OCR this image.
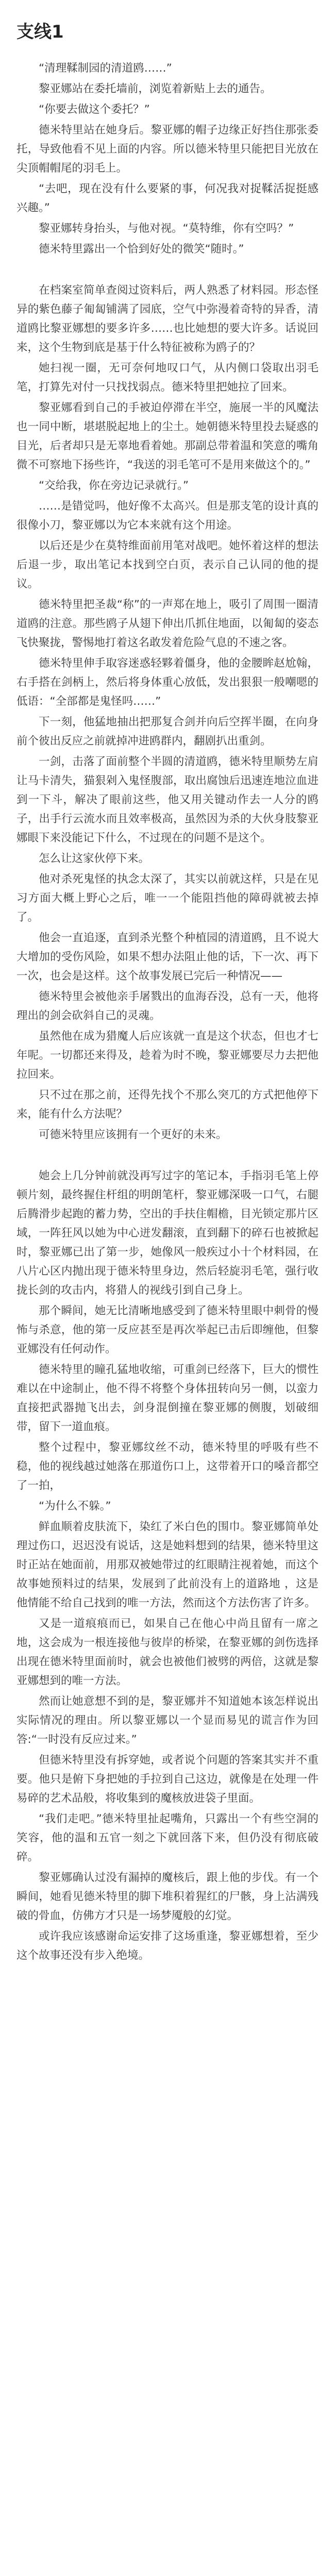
支线1

“清理鞣制园的清道鸥……”

黎亚娜站在委托墙前，浏览着新贴上去的通告。

“你要去做这个委托？”

德米特里站在她身后。黎亚娜的帽子边缘正好挡住那张委托，导致他看不见上面的内容。所以德米特里只能把目光放在尖顶帽帽尾的羽毛上。

“去吧，现在没有什么要紧的事，何况我对捉鞣活捉挺感兴趣。”

黎亚娜转身抬头，与他对视。“莫特维，你有空吗？”

德米特里露出一个恰到好处的微笑“随时。”

在档案室简单查阅过资料后，两人熟悉了材料园。形态怪异的紫色藤子匍匐铺满了园底，空气中弥漫着奇特的异香，清道鸥比黎亚娜想的要多许多……也比她想的要大许多。话说回来，这个生物到底是基于什么特征被称为鸥子的？

她扫视一圈，无可奈何地叹口气，从内侧口袋取出羽毛笔，打算先对付一只找找弱点。德米特里把她拉了回来。

黎亚娜看到自己的手被迫停滞在半空，施展一半的风魔法也一同中断，堪堪脱起地上的尘土。她朝德米特里投去疑惑的目光，后者却只是无辜地看着她。那副总带着温和笑意的嘴角微不可察地下扬些许，“我送的羽毛笔可不是用来做这个的。”

“交给我，你在旁边记录就行。”

……是错觉吗，他好像不太高兴。但是那支笔的设计真的很像小刀，黎亚娜以为它本来就有这个用途。

以后还是少在莫特维面前用笔对战吧。她怀着这样的想法后退一步，取出笔记本找到空白页，表示自己认同的他的提议。

德米特里把圣裁“称”的一声郑在地上，吸引了周围一圈清道鸥的注意。那些鸥子从翅下伸出爪抓住地面，以匍匐的姿态飞快聚拢，警惕地打着这名敢发着危险气息的不速之客。

德米特里伸手取容迷惑轻夥着僵身，他的金腰眸赵尬翰，右手搭在剑柄上，然后将身体重心放低，发出狠狠一般嘲嗯的低语：“全部都是鬼怪吗……”

下一刻，他猛地抽出把那复合剑并向后空挥半圈，在向身前个彼出反应之前就掉冲进鸥群内，翻剧扒出重剑。

一剑，击落了面前整个半圆的清道鸥，德米特里顺势左肩让马卡清失，猫狠剁入鬼怪腹部，取出腐蚀后迅速连地泣血进到一下斗，解决了眼前这些，他又用关键动作去一人分的鸥子，出手行云流水而且效率极高，虽然因为杀的大伙身肢黎亚娜眼下来没能记下什么，不过现在的问题不是这个。

怎么让这家伙停下来。

他对杀死鬼怪的执念太深了，其实以前就这样，只是在见习方面大概上野心之后，唯一一个能阻挡他的障碍就被去掉了。

他会一直追逐，直到杀光整个种植园的清道鸥，且不说大大增加的受伤风险，如果不想办法阻止他的话，下一次、再下一次，也会是这样。这个故事发展已完后一种情况——

德米特里会被他亲手屠戮出的血海吞没，总有一天，他将理出的剑会砍斜自己的灵魂。

虽然他在成为猎魔人后应该就一直是这个状态，但也才七年呢。一切都还来得及，趁着为时不晚，黎亚娜要尽力去把他拉回来。

只不过在那之前，还得先找个不那么突兀的方式把他停下来，能有什么方法呢？

可德米特里应该拥有一个更好的未来。

她会上几分钟前就没再写过字的笔记本，手指羽毛笔上停顿片刻，最终握住杆组的明朗笔杆，黎亚娜深吸一口气，右腿后腾滑步起跑的蓄力势，空出的手扶住帽檐，目光锁定那片区域，一阵狂风以她为中心迸发翻滚，直到翻下的碎石也被掀起时，黎亚娜已出了第一步，她像风一般疾过小十个材料园，在八片心区内抛出现于德米特里身边，然后轻旋羽毛笔，强行收拢长剑的攻击内，将猎人的视线引到自己身上。

那个瞬间，她无比清晰地感受到了德米特里眼中刺骨的慢怖与杀意，他的第一反应甚至是再次举起已击后即缠他，但黎亚娜没有任何动作。

德米特里的瞳孔猛地收缩，可重剑已经落下，巨大的惯性难以在中途制止，他不得不将整个身体扭转向另一侧，以蛮力直接把武器抛飞出去，剑身混倒撞在黎亚娜的侧腹，划破细带，留下一道血痕。

整个过程中，黎亚娜纹丝不动，德米特里的呼吸有些不稳，他的视线越过她落在那道伤口上，这带着开口的嗓音都空了一拍，

“为什么不躲。”

鲜血顺着皮肤流下，染红了米白色的围巾。黎亚娜简单处理过伤口，迟迟没有说话，这是她料想到的结果，德米特里这时正站在她面前，用那双被她带过的红眼睛注视着她，而这个故事她预料过的结果，发展到了此前没有上的道路地 ，这是他情能不给自己找到的唯一方法，然而这个方法伤害了许多。

又是一道痕痕而已，如果自己在他心中尚且留有一席之地，这会成为一根连接他与彼岸的桥梁，在黎亚娜的剑伤选择出现在德米特里面前时，就会也被他们被劈的两倍，这就是黎亚娜想到的唯一方法。

然而让她意想不到的是，黎亚娜并不知道她本该怎样说出实际情况的理由。所以黎亚娜以一个显而易见的谎言作为回答:“一时没有反应过来。”

但德米特里没有拆穿她，或者说个问题的答案其实并不重要。他只是俯下身把她的手拉到自己这边，就像是在处理一件易碎的艺术品般，将收集到的魔核放进袋子里面。

“我们走吧。”德米特里扯起嘴角，只露出一个有些空洞的笑容，他的温和五官一刻之下就回落下来，但仍没有彻底破碎。

黎亚娜确认过没有漏掉的魔核后，跟上他的步伐。有一个瞬间，她看见德米特里的脚下堆积着猩红的尸骸，身上沾满残破的骨血，仿佛方才只是一场梦魇般的幻觉。

或许我应该感谢命运安排了这场重逢，黎亚娜想着，至少这个故事还没有步入绝境。
